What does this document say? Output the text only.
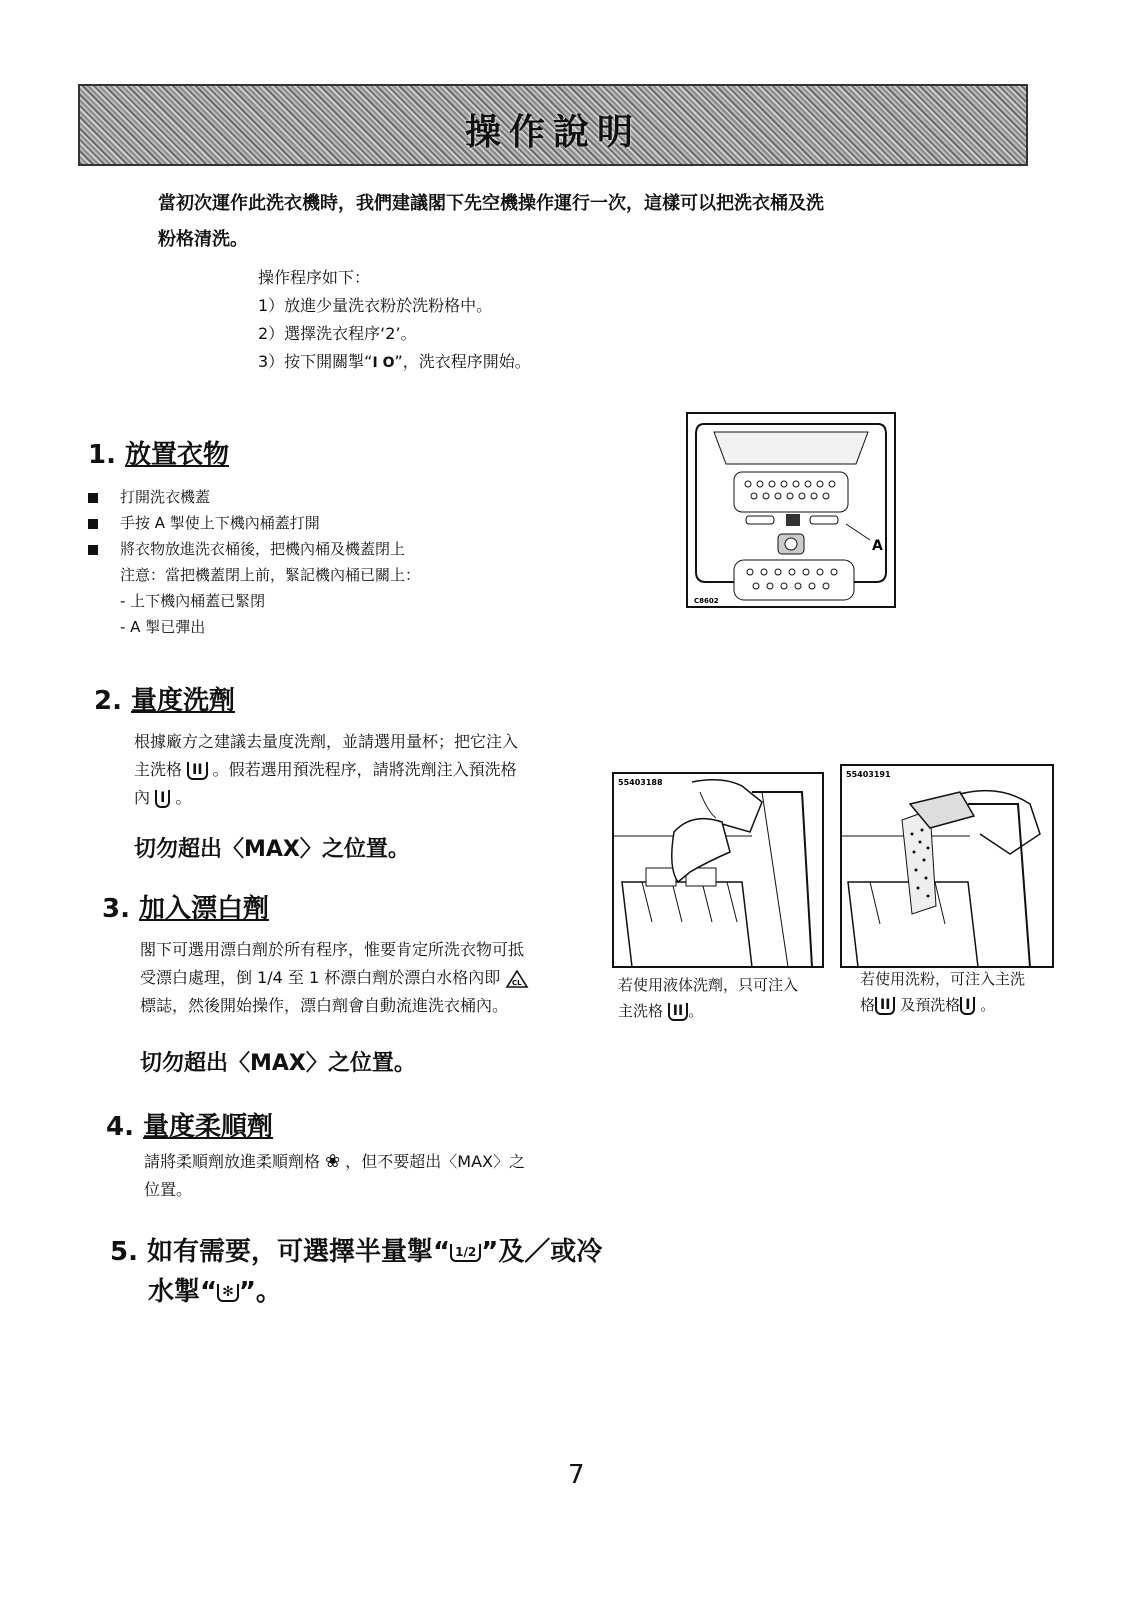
操作說明
當初次運作此洗衣機時，我們建議閣下先空機操作運行一次，這樣可以把洗衣桶及洗
粉格清洗。
操作程序如下：
1）放進少量洗衣粉於洗粉格中。
2）選擇洗衣程序‘2’。
3）按下開關掣“I O”，洗衣程序開始。
1. 放置衣物
打開洗衣機蓋
手按 A 掣使上下機內桶蓋打開
將衣物放進洗衣桶後，把機內桶及機蓋閉上
注意：當把機蓋閉上前，緊記機內桶已關上：
- 上下機內桶蓋已緊閉
- A 掣已彈出
A
C8602
2. 量度洗劑
根據廠方之建議去量度洗劑，並請選用量杯；把它注入
主洗格 II 。假若選用預洗程序，請將洗劑注入預洗格
內 I 。
切勿超出〈MAX〉之位置。
3. 加入漂白劑
閣下可選用漂白劑於所有程序，惟要肯定所洗衣物可抵
受漂白處理，倒 1/4 至 1 杯漂白劑於漂白水格內即 CL
標誌，然後開始操作，漂白劑會自動流進洗衣桶內。
切勿超出〈MAX〉之位置。
4. 量度柔順劑
請將柔順劑放進柔順劑格 ❀ ，但不要超出〈MAX〉之
位置。
5. 如有需要，可選擇半量掣“ 1/2 ”及／或冷
水掣“ ✻ ”。
55403188
55403191
若使用液体洗劑，只可注入
主洗格 II 。
若使用洗粉，可注入主洗
格 II 及預洗格 I 。
7
